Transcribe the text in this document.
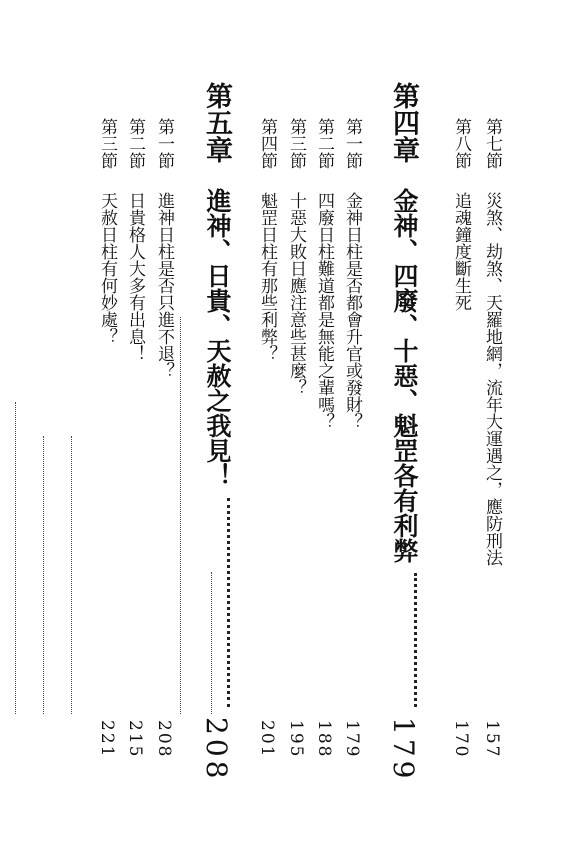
第七節
災煞、劫煞、天羅地網，流年大運遇之，應防刑法
157
第八節
追魂鐘度斷生死
170
第四章
金神、四廢、十惡、魁罡各有利弊
179
第一節
金神日柱是否都會升官或發財？
179
第二節
四廢日柱難道都是無能之輩嗎？
188
第三節
十惡大敗日應注意些甚麼？
195
第四節
魁罡日柱有那些利弊？
201
第五章
進神、日貴、天赦之我見！
208
第一節
進神日柱是否只進不退？
208
第二節
日貴格人大多有出息！
215
第三節
天赦日柱有何妙處？
221
